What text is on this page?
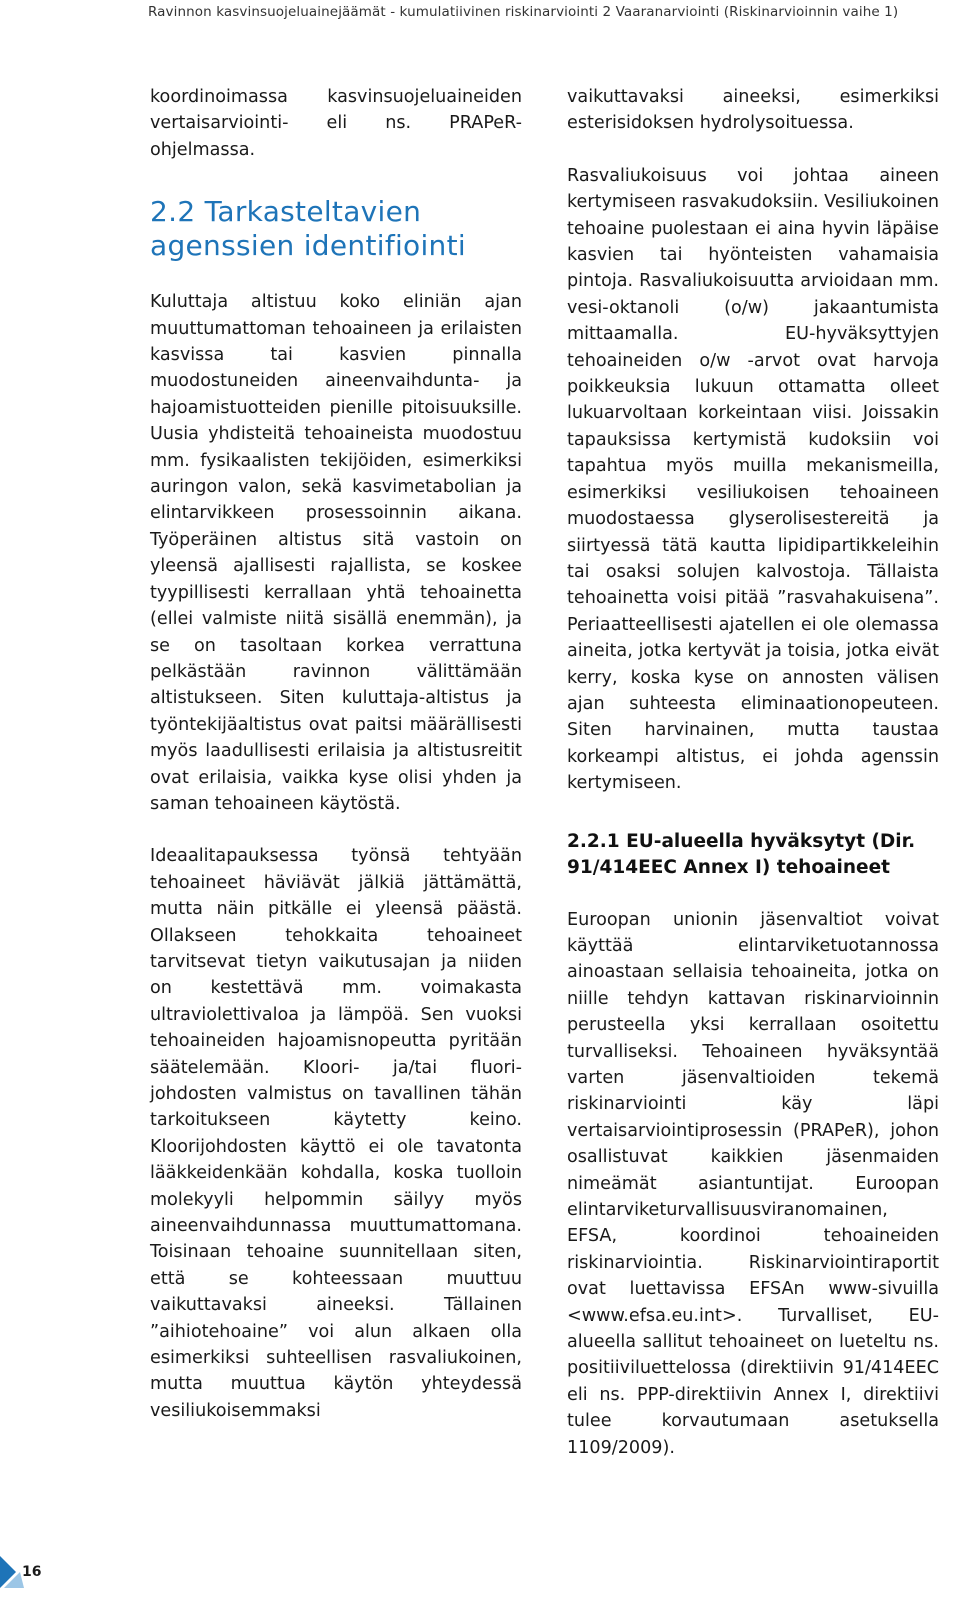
Ravinnon kasvinsuojeluainejäämät - kumulatiivinen riskinarviointi 2 Vaaranarviointi (Riskinarvioinnin vaihe 1)

koordinoimassa kasvinsuojeluaineiden vertaisarviointi- eli ns. PRAPeR-ohjelmassa.

2.2 Tarkasteltavien agenssien identifiointi

Kuluttaja altistuu koko eliniän ajan muuttumattoman tehoaineen ja erilaisten kasvissa tai kasvien pinnalla muodostuneiden aineenvaihdunta- ja hajoamistuotteiden pienille pitoisuuksille. Uusia yhdisteitä tehoaineista muodostuu mm. fysikaalisten tekijöiden, esimerkiksi auringon valon, sekä kasvimetabolian ja elintarvikkeen prosessoinnin aikana. Työperäinen altistus sitä vastoin on yleensä ajallisesti rajallista, se koskee tyypillisesti kerrallaan yhtä tehoainetta (ellei valmiste niitä sisällä enemmän), ja se on tasoltaan korkea verrattuna pelkästään ravinnon välittämään altistukseen. Siten kuluttaja-altistus ja työntekijäaltistus ovat paitsi määrällisesti myös laadullisesti erilaisia ja altistusreitit ovat erilaisia, vaikka kyse olisi yhden ja saman tehoaineen käytöstä.

Ideaalitapauksessa työnsä tehtyään tehoaineet häviävät jälkiä jättämättä, mutta näin pitkälle ei yleensä päästä. Ollakseen tehokkaita tehoaineet tarvitsevat tietyn vaikutusajan ja niiden on kestettävä mm. voimakasta ultraviolettivaloa ja lämpöä. Sen vuoksi tehoaineiden hajoamisnopeutta pyritään säätelemään. Kloori- ja/tai fluori-johdosten valmistus on tavallinen tähän tarkoitukseen käytetty keino. Kloorijohdosten käyttö ei ole tavatonta lääkkeidenkään kohdalla, koska tuolloin molekyyli helpommin säilyy myös aineenvaihdunnassa muuttumattomana. Toisinaan tehoaine suunnitellaan siten, että se kohteessaan muuttuu vaikuttavaksi aineeksi. Tällainen ”aihiotehoaine” voi alun alkaen olla esimerkiksi suhteellisen rasvaliukoinen, mutta muuttua käytön yhteydessä vesiliukoisemmaksi

vaikuttavaksi aineeksi, esimerkiksi esterisidoksen hydrolysoituessa.

Rasvaliukoisuus voi johtaa aineen kertymiseen rasvakudoksiin. Vesiliukoinen tehoaine puolestaan ei aina hyvin läpäise kasvien tai hyönteisten vahamaisia pintoja. Rasvaliukoisuutta arvioidaan mm. vesi-oktanoli (o/w) jakaantumista mittaamalla. EU-hyväksyttyjen tehoaineiden o/w -arvot ovat harvoja poikkeuksia lukuun ottamatta olleet lukuarvoltaan korkeintaan viisi. Joissakin tapauksissa kertymistä kudoksiin voi tapahtua myös muilla mekanismeilla, esimerkiksi vesiliukoisen tehoaineen muodostaessa glyserolisestereitä ja siirtyessä tätä kautta lipidipartikkeleihin tai osaksi solujen kalvostoja. Tällaista tehoainetta voisi pitää ”rasvahakuisena”. Periaatteellisesti ajatellen ei ole olemassa aineita, jotka kertyvät ja toisia, jotka eivät kerry, koska kyse on annosten välisen ajan suhteesta eliminaationopeuteen. Siten harvinainen, mutta taustaa korkeampi altistus, ei johda agenssin kertymiseen.

2.2.1 EU-alueella hyväksytyt (Dir. 91/414EEC Annex I) tehoaineet

Euroopan unionin jäsenvaltiot voivat käyttää elintarviketuotannossa ainoastaan sellaisia tehoaineita, jotka on niille tehdyn kattavan riskinarvioinnin perusteella yksi kerrallaan osoitettu turvalliseksi. Tehoaineen hyväksyntää varten jäsenvaltioiden tekemä riskinarviointi käy läpi vertaisarviointiprosessin (PRAPeR), johon osallistuvat kaikkien jäsenmaiden nimeämät asiantuntijat. Euroopan elintarviketurvallisuusviranomainen, EFSA, koordinoi tehoaineiden riskinarviointia. Riskinarviointiraportit ovat luettavissa EFSAn www-sivuilla <www.efsa.eu.int>. Turvalliset, EU-alueella sallitut tehoaineet on lueteltu ns. positiiviluettelossa (direktiivin 91/414EEC eli ns. PPP-direktiivin Annex I, direktiivi tulee korvautumaan asetuksella 1109/2009).

16
